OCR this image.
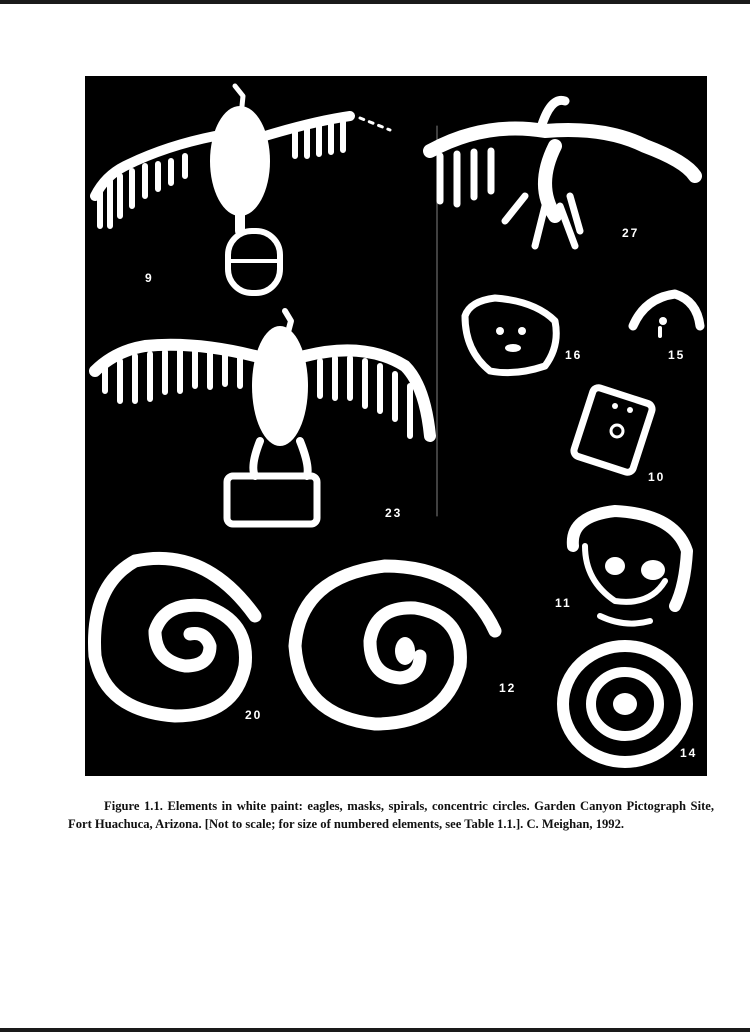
9
27
23
16	15
10
11
20
12
14
Figure 1.1. Elements in white paint: eagles, masks, spirals, concentric circles. Garden Canyon Pictograph Site, Fort Huachuca, Arizona. [Not to scale; for size of numbered elements, see Table 1.1.]. C. Meighan, 1992.
